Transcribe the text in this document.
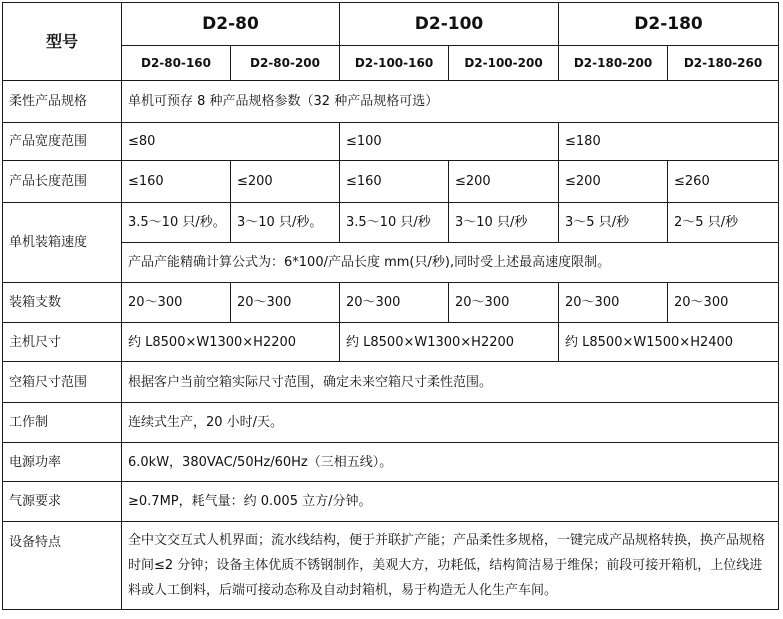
型号	D2-80		D2-100		D2-180	
	D2-80-160	D2-80-200	D2-100-160	D2-100-200	D2-180-200	D2-180-260
柔性产品规格	单机可预存 8 种产品规格参数（32 种产品规格可选）					
产品宽度范围	≤80		≤100		≤180	
产品长度范围	≤160	≤200	≤160	≤200	≤200	≤260
单机装箱速度	3.5～10 只/秒。	3～10 只/秒。	3.5～10 只/秒	3～10 只/秒	3～5 只/秒	2～5 只/秒
	产品产能精确计算公式为：6*100/产品长度 mm(只/秒),同时受上述最高速度限制。					
装箱支数	20～300	20～300	20～300	20～300	20～300	20～300
主机尺寸	约 L8500×W1300×H2200		约 L8500×W1300×H2200		约 L8500×W1500×H2400	
空箱尺寸范围	根据客户当前空箱实际尺寸范围，确定未来空箱尺寸柔性范围。					
工作制	连续式生产，20 小时/天。					
电源功率	6.0kW，380VAC/50Hz/60Hz（三相五线）。					
气源要求	≥0.7MP，耗气量：约 0.005 立方/分钟。					
设备特点	全中文交互式人机界面；流水线结构，便于并联扩产能；产品柔性多规格，一键完成产品规格转换，换产品规格时间≤2 分钟；设备主体优质不锈钢制作，美观大方，功耗低，结构简洁易于维保；前段可接开箱机，上位线进料或人工倒料，后端可接动态称及自动封箱机，易于构造无人化生产车间。					
